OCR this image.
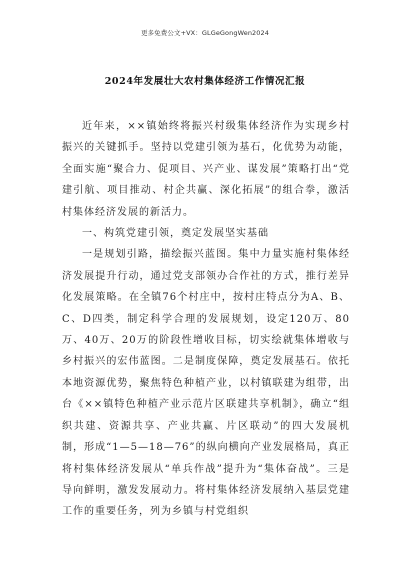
更多免费公文+VX：GLGeGongWen2024
2024年发展壮大农村集体经济工作情况汇报

近年来，××镇始终将振兴村级集体经济作为实现乡村振兴的关键抓手。坚持以党建引领为基石，化优势为动能，全面实施“聚合力、促项目、兴产业、谋发展”策略打出“党建引航、项目推动、村企共赢、深化拓展”的组合拳，激活村集体经济发展的新活力。

一、构筑党建引领，奠定发展坚实基础

一是规划引路，描绘振兴蓝图。集中力量实施村集体经济发展提升行动，通过党支部领办合作社的方式，推行差异化发展策略。在全镇76个村庄中，按村庄特点分为A、B、C、D四类，制定科学合理的发展规划，设定120万、80万、40万、20万的阶段性增收目标，切实绘就集体增收与乡村振兴的宏伟蓝图。二是制度保障，奠定发展基石。依托本地资源优势，聚焦特色种植产业，以村镇联建为组带，出台《××镇特色种植产业示范片区联建共享机制》，确立“组织共建、资源共享、产业共赢、片区联动”的四大发展机制，形成“1—5—18—76”的纵向横向产业发展格局，真正将村集体经济发展从“单兵作战”提升为“集体奋战”。三是导向鲜明，激发发展动力。将村集体经济发展纳入基层党建工作的重要任务，列为乡镇与村党组织
